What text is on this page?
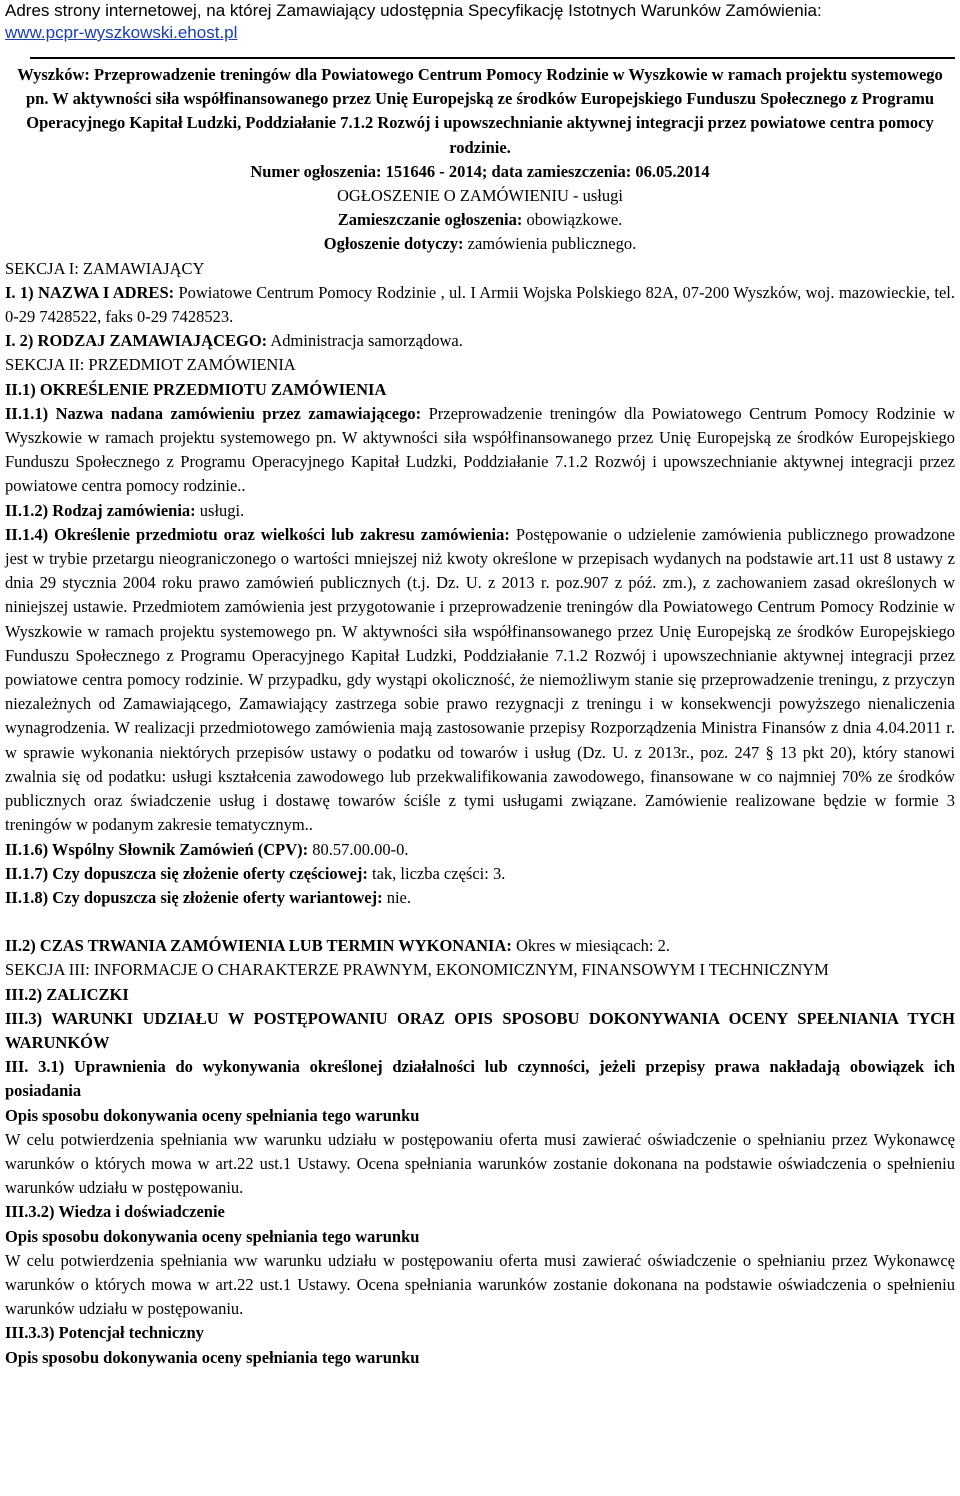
Adres strony internetowej, na której Zamawiający udostępnia Specyfikację Istotnych Warunków Zamówienia:
www.pcpr-wyszkowski.ehost.pl

Wyszków: Przeprowadzenie treningów dla Powiatowego Centrum Pomocy Rodzinie w Wyszkowie w ramach projektu systemowego pn. W aktywności siła współfinansowanego przez Unię Europejską ze środków Europejskiego Funduszu Społecznego z Programu Operacyjnego Kapitał Ludzki, Poddziałanie 7.1.2 Rozwój i upowszechnianie aktywnej integracji przez powiatowe centra pomocy rodzinie.

Numer ogłoszenia: 151646 - 2014; data zamieszczenia: 06.05.2014

OGŁOSZENIE O ZAMÓWIENIU - usługi

Zamieszczanie ogłoszenia: obowiązkowe.

Ogłoszenie dotyczy: zamówienia publicznego.

SEKCJA I: ZAMAWIAJĄCY

I. 1) NAZWA I ADRES: Powiatowe Centrum Pomocy Rodzinie , ul. I Armii Wojska Polskiego 82A, 07-200 Wyszków, woj. mazowieckie, tel. 0-29 7428522, faks 0-29 7428523.

I. 2) RODZAJ ZAMAWIAJĄCEGO: Administracja samorządowa.

SEKCJA II: PRZEDMIOT ZAMÓWIENIA

II.1) OKREŚLENIE PRZEDMIOTU ZAMÓWIENIA

II.1.1) Nazwa nadana zamówieniu przez zamawiającego: Przeprowadzenie treningów dla Powiatowego Centrum Pomocy Rodzinie w Wyszkowie w ramach projektu systemowego pn. W aktywności siła współfinansowanego przez Unię Europejską ze środków Europejskiego Funduszu Społecznego z Programu Operacyjnego Kapitał Ludzki, Poddziałanie 7.1.2 Rozwój i upowszechnianie aktywnej integracji przez powiatowe centra pomocy rodzinie..

II.1.2) Rodzaj zamówienia: usługi.

II.1.4) Określenie przedmiotu oraz wielkości lub zakresu zamówienia: Postępowanie o udzielenie zamówienia publicznego prowadzone jest w trybie przetargu nieograniczonego o wartości mniejszej niż kwoty określone w przepisach wydanych na podstawie art.11 ust 8 ustawy z dnia 29 stycznia 2004 roku prawo zamówień publicznych (t.j. Dz. U. z 2013 r. poz.907 z póź. zm.), z zachowaniem zasad określonych w niniejszej ustawie. Przedmiotem zamówienia jest przygotowanie i przeprowadzenie treningów dla Powiatowego Centrum Pomocy Rodzinie w Wyszkowie w ramach projektu systemowego pn. W aktywności siła współfinansowanego przez Unię Europejską ze środków Europejskiego Funduszu Społecznego z Programu Operacyjnego Kapitał Ludzki, Poddziałanie 7.1.2 Rozwój i upowszechnianie aktywnej integracji przez powiatowe centra pomocy rodzinie. W przypadku, gdy wystąpi okoliczność, że niemożliwym stanie się przeprowadzenie treningu, z przyczyn niezależnych od Zamawiającego, Zamawiający zastrzega sobie prawo rezygnacji z treningu i w konsekwencji powyższego nienaliczenia wynagrodzenia. W realizacji przedmiotowego zamówienia mają zastosowanie przepisy Rozporządzenia Ministra Finansów z dnia 4.04.2011 r. w sprawie wykonania niektórych przepisów ustawy o podatku od towarów i usług (Dz. U. z 2013r., poz. 247 § 13 pkt 20), który stanowi zwalnia się od podatku: usługi kształcenia zawodowego lub przekwalifikowania zawodowego, finansowane w co najmniej 70% ze środków publicznych oraz świadczenie usług i dostawę towarów ściśle z tymi usługami związane. Zamówienie realizowane będzie w formie 3 treningów w podanym zakresie tematycznym..

II.1.6) Wspólny Słownik Zamówień (CPV): 80.57.00.00-0.

II.1.7) Czy dopuszcza się złożenie oferty częściowej: tak, liczba części: 3.

II.1.8) Czy dopuszcza się złożenie oferty wariantowej: nie.

II.2) CZAS TRWANIA ZAMÓWIENIA LUB TERMIN WYKONANIA: Okres w miesiącach: 2.

SEKCJA III: INFORMACJE O CHARAKTERZE PRAWNYM, EKONOMICZNYM, FINANSOWYM I TECHNICZNYM

III.2) ZALICZKI

III.3) WARUNKI UDZIAŁU W POSTĘPOWANIU ORAZ OPIS SPOSOBU DOKONYWANIA OCENY SPEŁNIANIA TYCH WARUNKÓW

III. 3.1) Uprawnienia do wykonywania określonej działalności lub czynności, jeżeli przepisy prawa nakładają obowiązek ich posiadania

Opis sposobu dokonywania oceny spełniania tego warunku

W celu potwierdzenia spełniania ww warunku udziału w postępowaniu oferta musi zawierać oświadczenie o spełnianiu przez Wykonawcę warunków o których mowa w art.22 ust.1 Ustawy. Ocena spełniania warunków zostanie dokonana na podstawie oświadczenia o spełnieniu warunków udziału w postępowaniu.

III.3.2) Wiedza i doświadczenie

Opis sposobu dokonywania oceny spełniania tego warunku

W celu potwierdzenia spełniania ww warunku udziału w postępowaniu oferta musi zawierać oświadczenie o spełnianiu przez Wykonawcę warunków o których mowa w art.22 ust.1 Ustawy. Ocena spełniania warunków zostanie dokonana na podstawie oświadczenia o spełnieniu warunków udziału w postępowaniu.

III.3.3) Potencjał techniczny

Opis sposobu dokonywania oceny spełniania tego warunku
